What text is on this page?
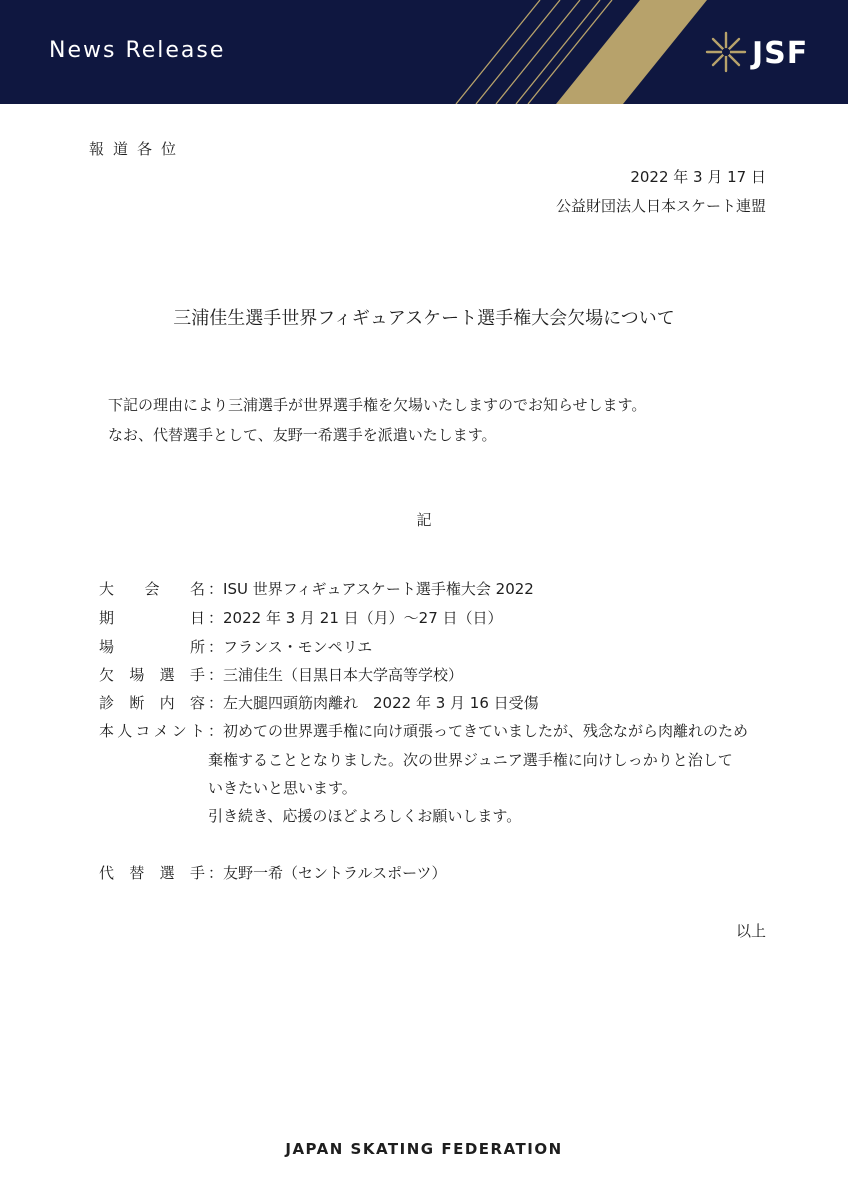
News Release	JSF
報道各位
2022 年 3 月 17 日
公益財団法人日本スケート連盟
三浦佳生選手世界フィギュアスケート選手権大会欠場について
下記の理由により三浦選手が世界選手権を欠場いたしますのでお知らせします。
なお、代替選手として、友野一希選手を派遣いたします。
記
大会名 ：ISU 世界フィギュアスケート選手権大会 2022
期日 ：2022 年 3 月 21 日（月）～27 日（日）
場所 ：フランス・モンペリエ
欠場選手 ：三浦佳生（目黒日本大学高等学校）
診断内容 ：左大腿四頭筋肉離れ　2022 年 3 月 16 日受傷
本人コメント ：初めての世界選手権に向け頑張ってきていましたが、残念ながら肉離れのため
棄権することとなりました。次の世界ジュニア選手権に向けしっかりと治して
いきたいと思います。
引き続き、応援のほどよろしくお願いします。
代替選手 ：友野一希（セントラルスポーツ）
以上
JAPAN SKATING FEDERATION
